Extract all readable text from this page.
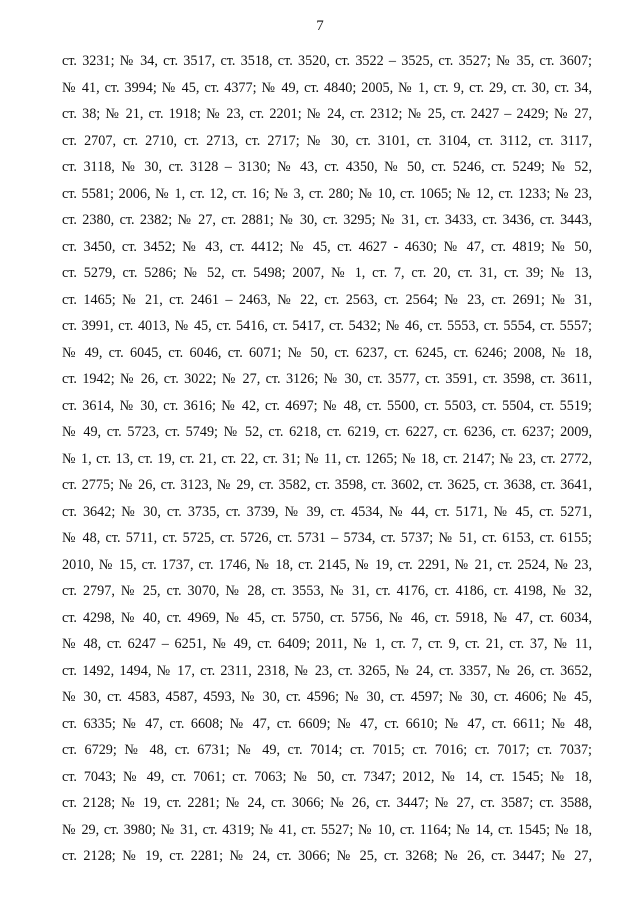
7
ст. 3231; № 34, ст. 3517, ст. 3518, ст. 3520, ст. 3522 – 3525, ст. 3527; № 35, ст. 3607;
№ 41, ст. 3994; № 45, ст. 4377; № 49, ст. 4840; 2005, № 1, ст. 9, ст. 29, ст. 30, ст. 34,
ст. 38; № 21, ст. 1918; № 23, ст. 2201; № 24, ст. 2312; № 25, ст. 2427 – 2429; № 27,
ст. 2707, ст. 2710, ст. 2713, ст. 2717; № 30, ст. 3101, ст. 3104, ст. 3112, ст. 3117,
ст. 3118, № 30, ст. 3128 – 3130; № 43, ст. 4350, № 50, ст. 5246, ст. 5249; № 52,
ст. 5581; 2006, № 1, ст. 12, ст. 16; № 3, ст. 280; № 10, ст. 1065; № 12, ст. 1233; № 23,
ст. 2380, ст. 2382; № 27, ст. 2881; № 30, ст. 3295; № 31, ст. 3433, ст. 3436, ст. 3443,
ст. 3450, ст. 3452; № 43, ст. 4412; № 45, ст. 4627 - 4630; № 47, ст. 4819; № 50,
ст. 5279, ст. 5286; № 52, ст. 5498; 2007, № 1, ст. 7, ст. 20, ст. 31, ст. 39; № 13,
ст. 1465; № 21, ст. 2461 – 2463, № 22, ст. 2563, ст. 2564; № 23, ст. 2691; № 31,
ст. 3991, ст. 4013, № 45, ст. 5416, ст. 5417, ст. 5432; № 46, ст. 5553, ст. 5554, ст. 5557;
№ 49, ст. 6045, ст. 6046, ст. 6071; № 50, ст. 6237, ст. 6245, ст. 6246; 2008, № 18,
ст. 1942; № 26, ст. 3022; № 27, ст. 3126; № 30, ст. 3577, ст. 3591, ст. 3598, ст. 3611,
ст. 3614, № 30, ст. 3616; № 42, ст. 4697; № 48, ст. 5500, ст. 5503, ст. 5504, ст. 5519;
№ 49, ст. 5723, ст. 5749; № 52, ст. 6218, ст. 6219, ст. 6227, ст. 6236, ст. 6237; 2009,
№ 1, ст. 13, ст. 19, ст. 21, ст. 22, ст. 31; № 11, ст. 1265; № 18, ст. 2147; № 23, ст. 2772,
ст. 2775; № 26, ст. 3123, № 29, ст. 3582, ст. 3598, ст. 3602, ст. 3625, ст. 3638, ст. 3641,
ст. 3642; № 30, ст. 3735, ст. 3739, № 39, ст. 4534, № 44, ст. 5171, № 45, ст. 5271,
№ 48, ст. 5711, ст. 5725, ст. 5726, ст. 5731 – 5734, ст. 5737; № 51, ст. 6153, ст. 6155;
2010, № 15, ст. 1737, ст. 1746, № 18, ст. 2145, № 19, ст. 2291, № 21, ст. 2524, № 23,
ст. 2797, № 25, ст. 3070, № 28, ст. 3553, № 31, ст. 4176, ст. 4186, ст. 4198, № 32,
ст. 4298, № 40, ст. 4969, № 45, ст. 5750, ст. 5756, № 46, ст. 5918, № 47, ст. 6034,
№ 48, ст. 6247 – 6251, № 49, ст. 6409; 2011, № 1, ст. 7, ст. 9, ст. 21, ст. 37, № 11,
ст. 1492, 1494, № 17, ст. 2311, 2318, № 23, ст. 3265, № 24, ст. 3357, № 26, ст. 3652,
№ 30, ст. 4583, 4587, 4593, № 30, ст. 4596; № 30, ст. 4597; № 30, ст. 4606; № 45,
ст. 6335; № 47, ст. 6608; № 47, ст. 6609; № 47, ст. 6610; № 47, ст. 6611; № 48,
ст. 6729; № 48, ст. 6731; № 49, ст. 7014; ст. 7015; ст. 7016; ст. 7017; ст. 7037;
ст. 7043; № 49, ст. 7061; ст. 7063; № 50, ст. 7347; 2012, № 14, ст. 1545; № 18,
ст. 2128; № 19, ст. 2281; № 24, ст. 3066; № 26, ст. 3447; № 27, ст. 3587; ст. 3588,
№ 29, ст. 3980; № 31, ст. 4319; № 41, ст. 5527; № 10, ст. 1164; № 14, ст. 1545; № 18,
ст. 2128; № 19, ст. 2281; № 24, ст. 3066; № 25, ст. 3268; № 26, ст. 3447; № 27,
